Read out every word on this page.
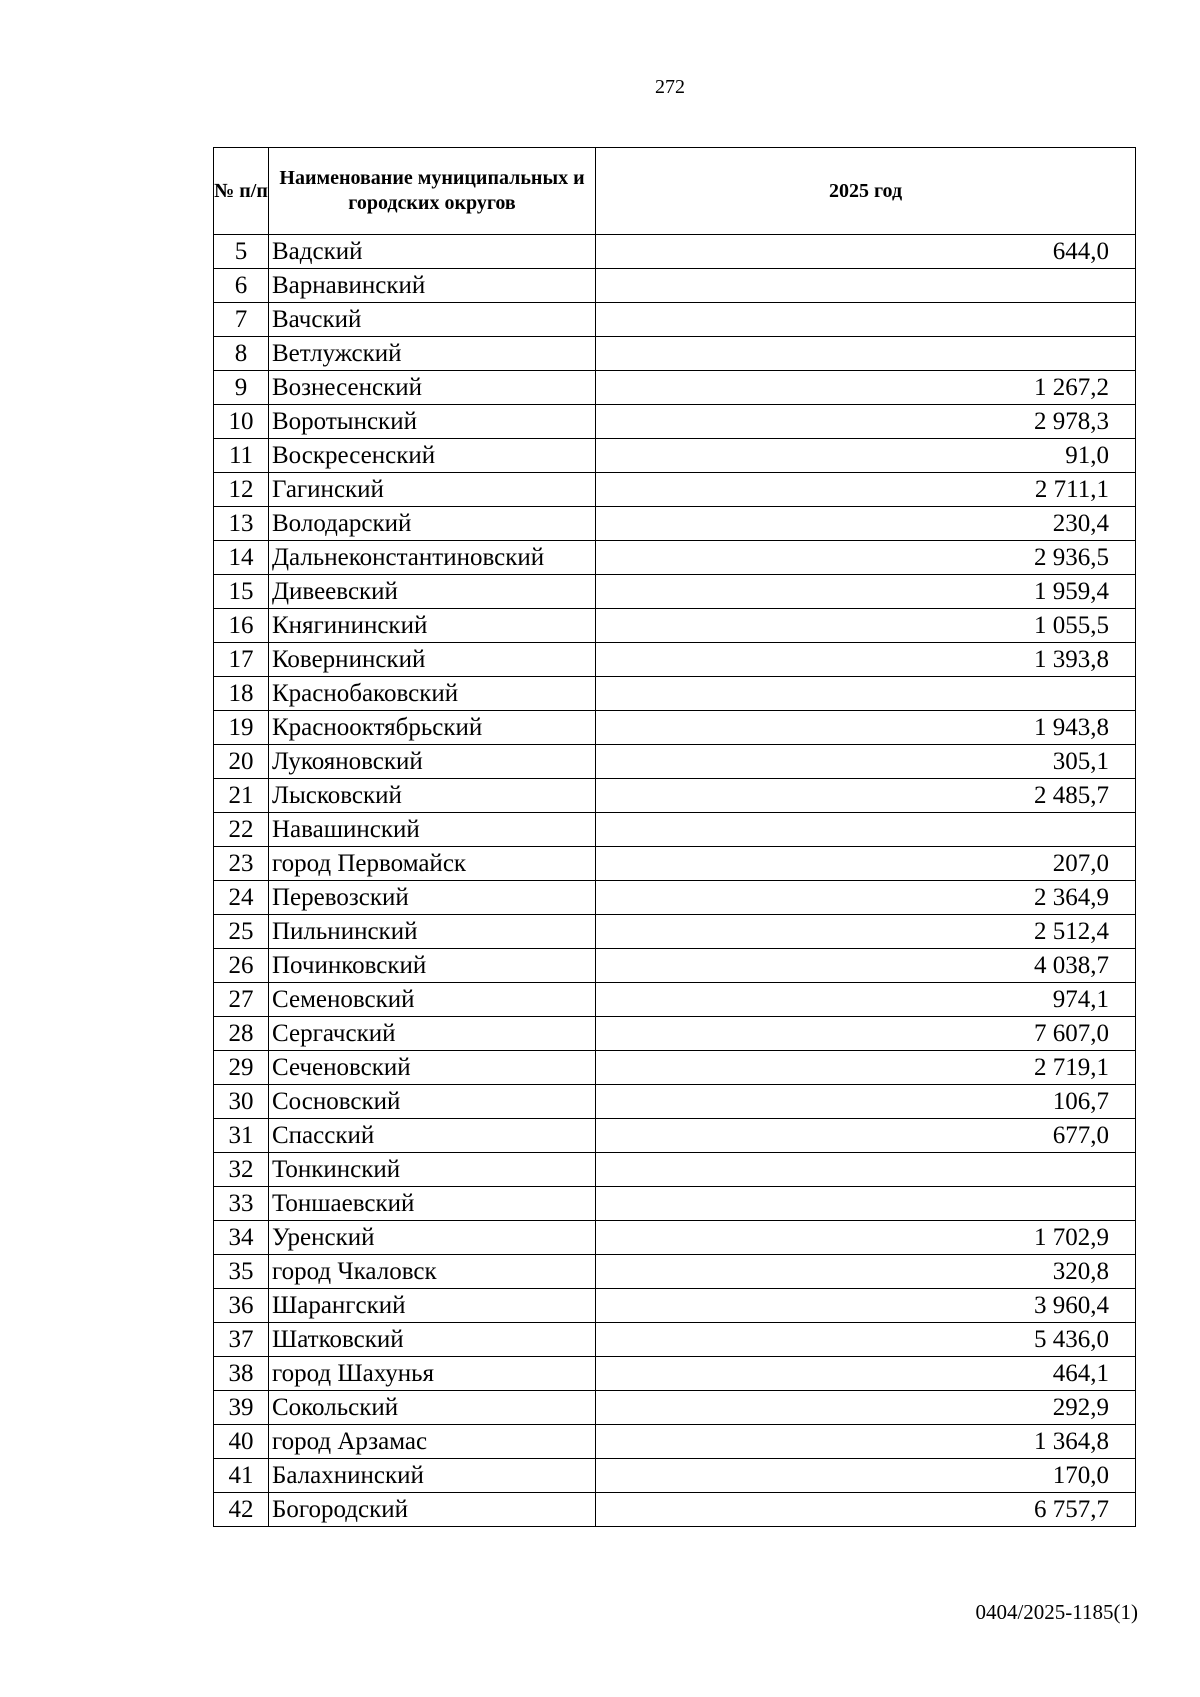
272
№ п/п	Наименование муниципальных и городских округов	2025 год
5	Вадский	644,0
6	Варнавинский	
7	Вачский	
8	Ветлужский	
9	Вознесенский	1 267,2
10	Воротынский	2 978,3
11	Воскресенский	91,0
12	Гагинский	2 711,1
13	Володарский	230,4
14	Дальнеконстантиновский	2 936,5
15	Дивеевский	1 959,4
16	Княгининский	1 055,5
17	Ковернинский	1 393,8
18	Краснобаковский	
19	Краснооктябрьский	1 943,8
20	Лукояновский	305,1
21	Лысковский	2 485,7
22	Навашинский	
23	город Первомайск	207,0
24	Перевозский	2 364,9
25	Пильнинский	2 512,4
26	Починковский	4 038,7
27	Семеновский	974,1
28	Сергачский	7 607,0
29	Сеченовский	2 719,1
30	Сосновский	106,7
31	Спасский	677,0
32	Тонкинский	
33	Тоншаевский	
34	Уренский	1 702,9
35	город Чкаловск	320,8
36	Шарангский	3 960,4
37	Шатковский	5 436,0
38	город Шахунья	464,1
39	Сокольский	292,9
40	город Арзамас	1 364,8
41	Балахнинский	170,0
42	Богородский	6 757,7
0404/2025-1185(1)
